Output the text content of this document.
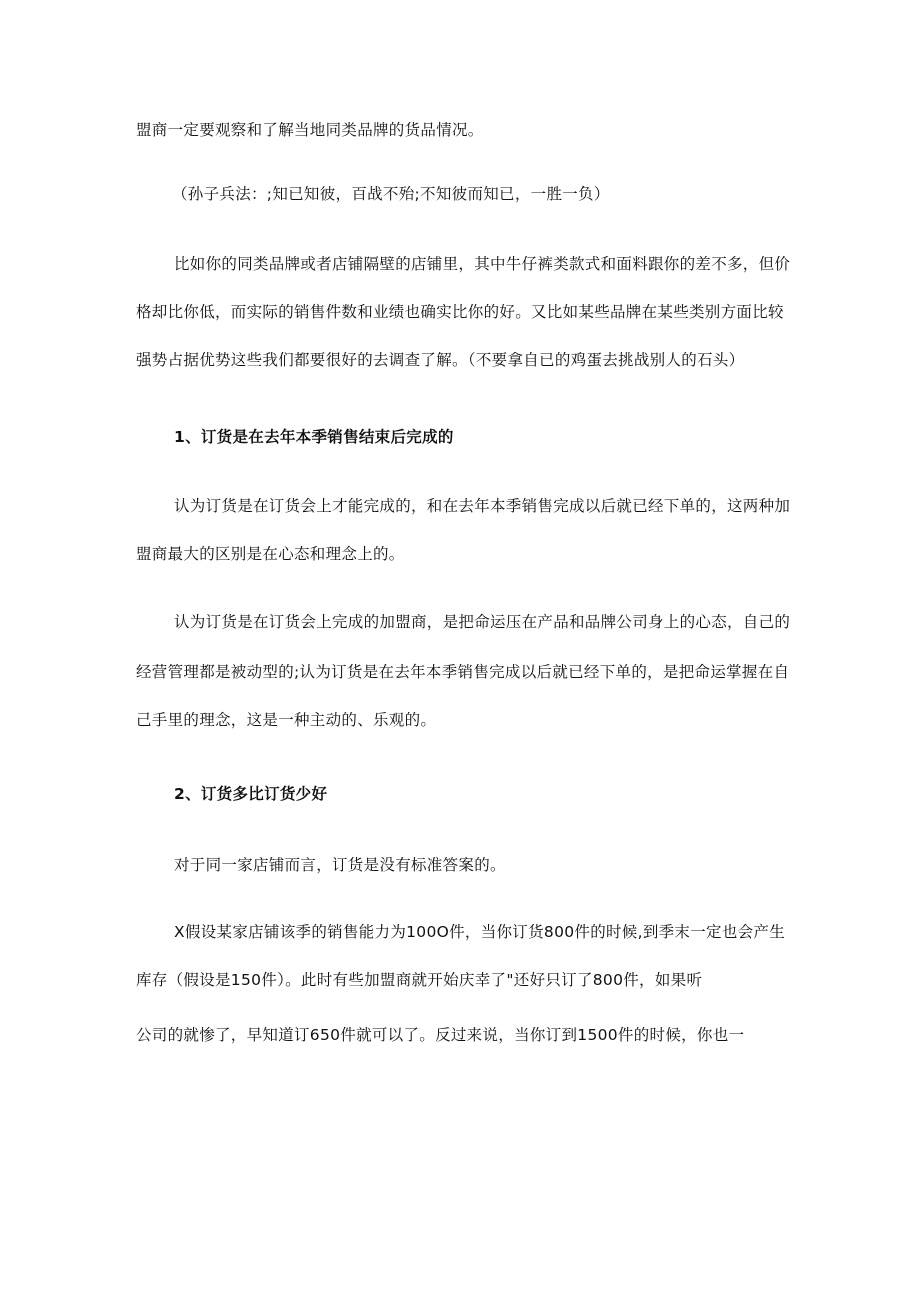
盟商一定要观察和了解当地同类品牌的货品情况。
（孙子兵法：;知已知彼，百战不殆;不知彼而知已，一胜一负）
比如你的同类品牌或者店铺隔壁的店铺里，其中牛仔裤类款式和面料跟你的差不多，但价
格却比你低，而实际的销售件数和业绩也确实比你的好。又比如某些品牌在某些类别方面比较
强势占据优势这些我们都要很好的去调查了解。（不要拿自已的鸡蛋去挑战别人的石头）
1、订货是在去年本季销售结束后完成的
认为订货是在订货会上才能完成的，和在去年本季销售完成以后就已经下单的，这两种加
盟商最大的区别是在心态和理念上的。
认为订货是在订货会上完成的加盟商，是把命运压在产品和品牌公司身上的心态，自己的
经营管理都是被动型的;认为订货是在去年本季销售完成以后就已经下单的，是把命运掌握在自
己手里的理念，这是一种主动的、乐观的。
2、订货多比订货少好
对于同一家店铺而言，订货是没有标准答案的。
X假设某家店铺该季的销售能力为100O件，当你订货800件的时候,到季末一定也会产生
库存（假设是150件）。此时有些加盟商就开始庆幸了"还好只订了800件，如果听
公司的就惨了，早知道订650件就可以了。反过来说，当你订到1500件的时候，你也一
